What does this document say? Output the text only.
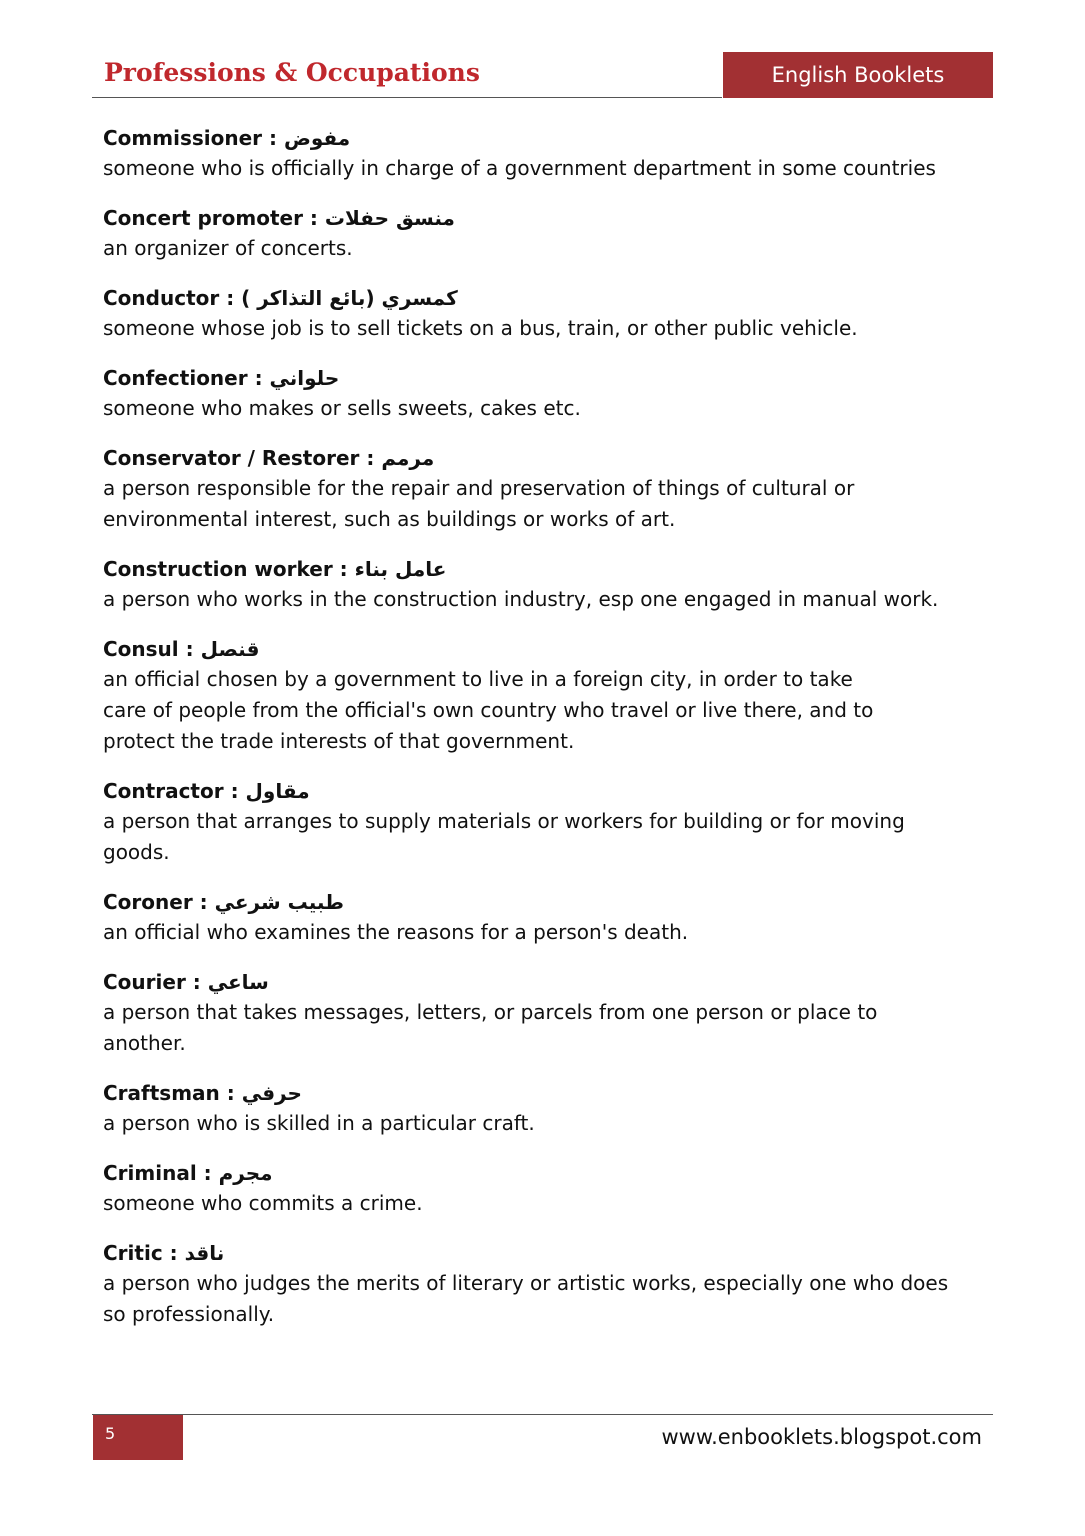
Professions & Occupations	English Booklets
Commissioner : مفوض
someone who is officially in charge of a government department in some countries
Concert promoter : منسق حفلات
an organizer of concerts.
Conductor : كمسري (بائع التذاكر )
someone whose job is to sell tickets on a bus, train, or other public vehicle.
Confectioner : حلواني
someone who makes or sells sweets, cakes etc.
Conservator / Restorer : مرمم
a person responsible for the repair and preservation of things of cultural or
environmental interest, such as buildings or works of art.
Construction worker : عامل بناء
a person who works in the construction industry, esp one engaged in manual work.
Consul : قنصل
an official chosen by a government to live in a foreign city, in order to take
care of people from the official's own country who travel or live there, and to
protect the trade interests of that government.
Contractor : مقاول
a person that arranges to supply materials or workers for building or for moving
goods.
Coroner : طبيب شرعي
an official who examines the reasons for a person's death.
Courier : ساعي
a person that takes messages, letters, or parcels from one person or place to
another.
Craftsman : حرفي
a person who is skilled in a particular craft.
Criminal : مجرم
someone who commits a crime.
Critic : ناقد
a person who judges the merits of literary or artistic works, especially one who does
so professionally.
5	www.enbooklets.blogspot.com
